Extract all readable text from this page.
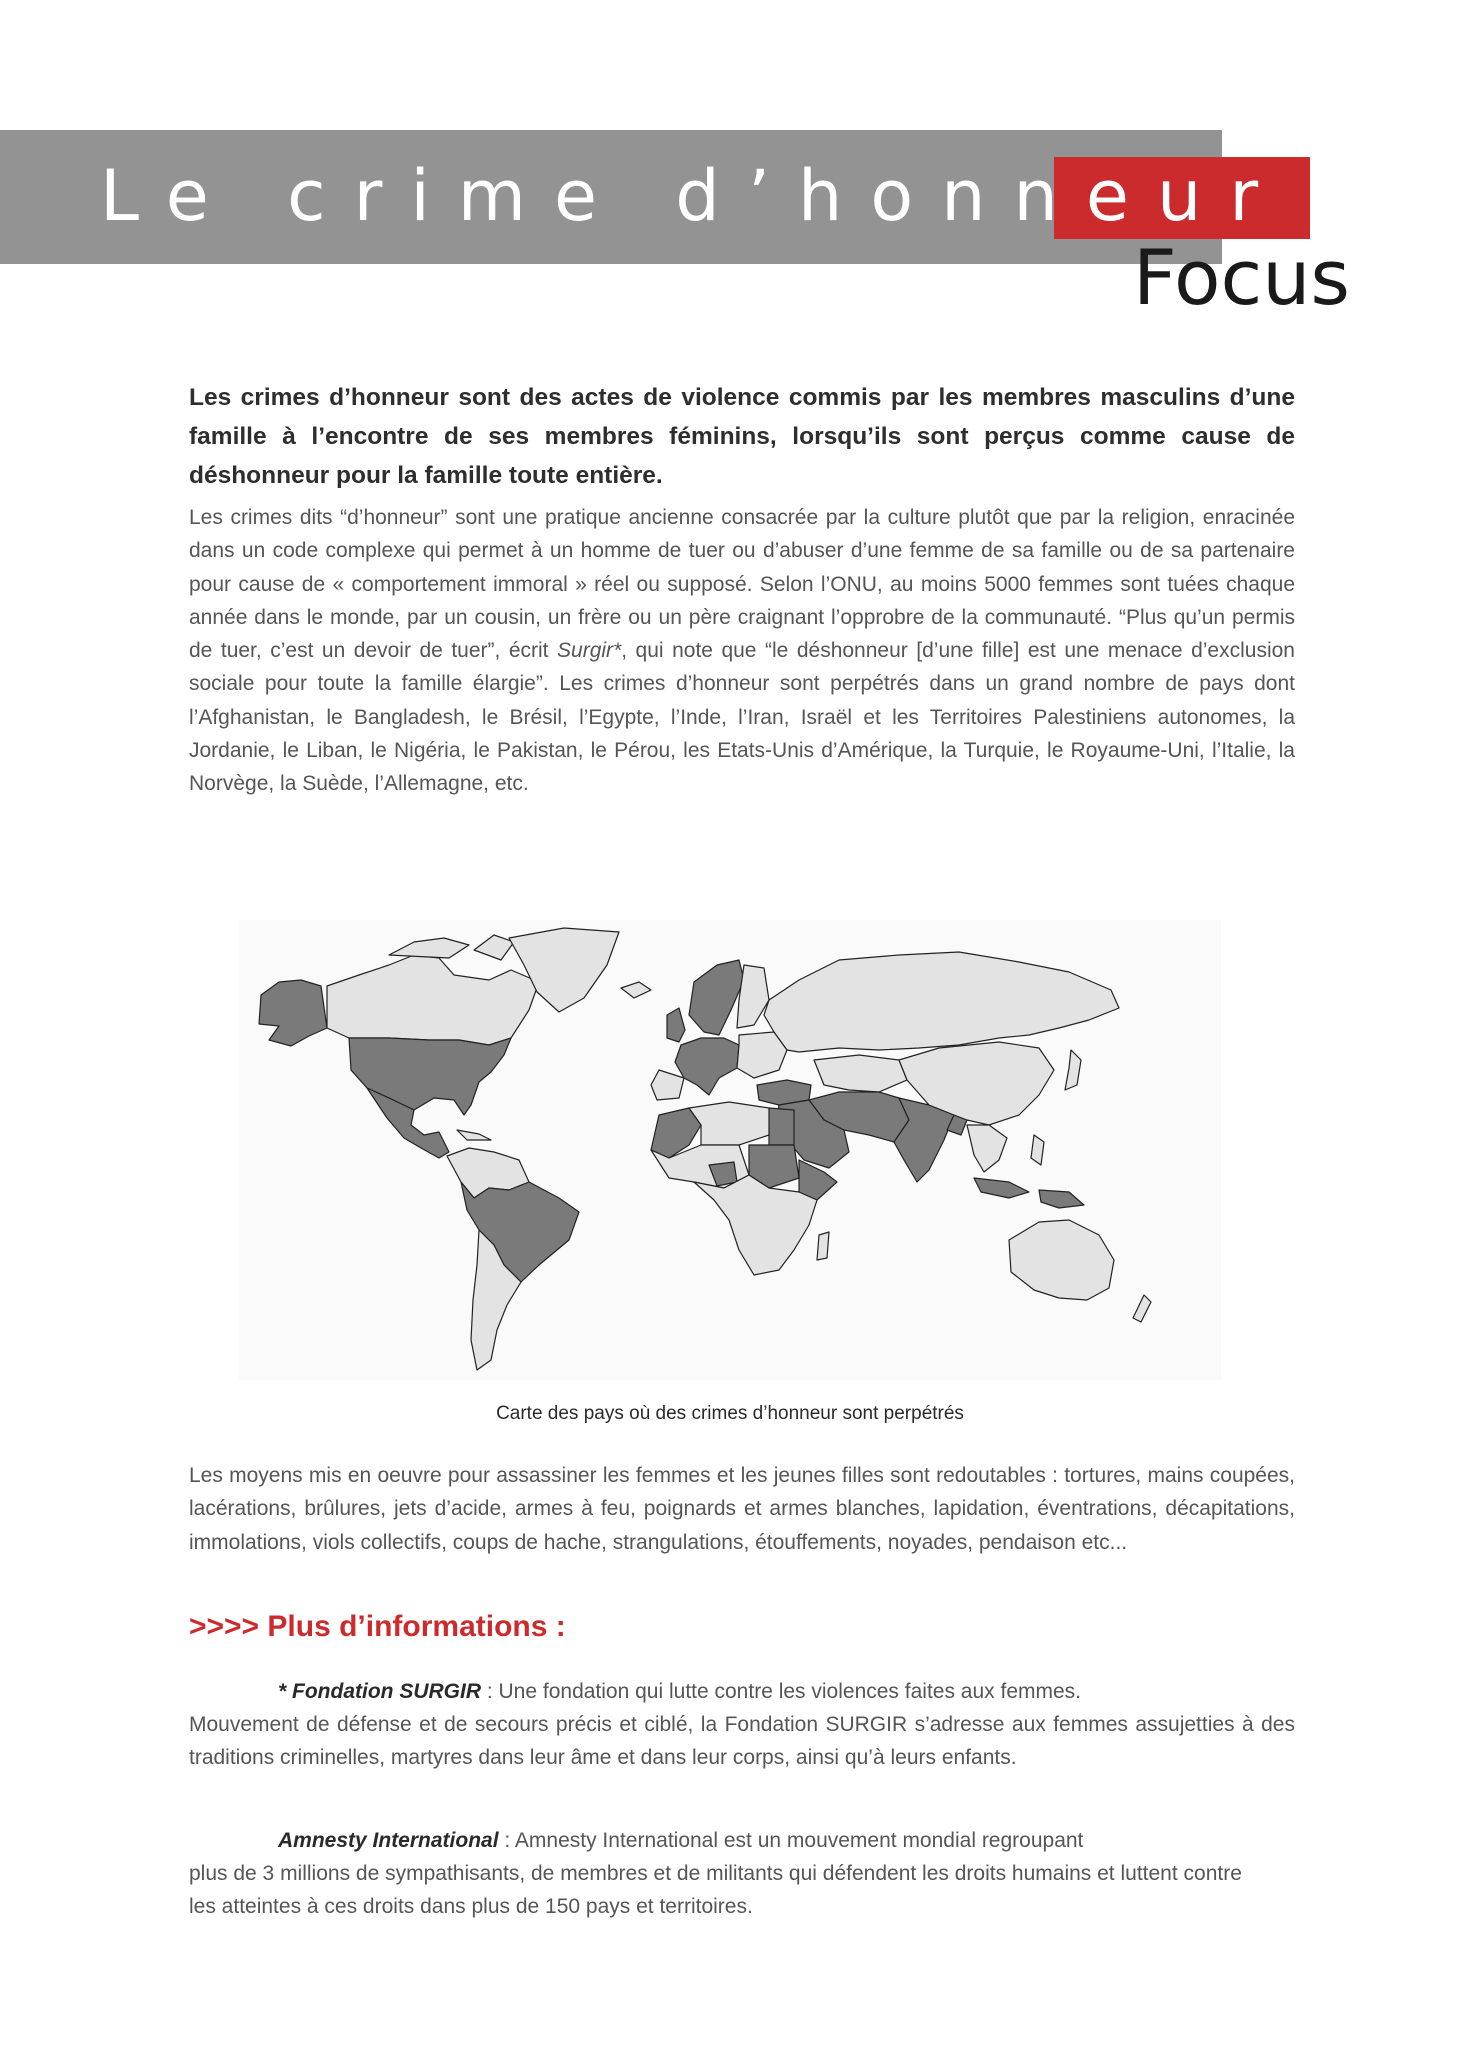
Le crime d’honneur
Focus

Les crimes d’honneur sont des actes de violence commis par les membres masculins d’une famille à l’encontre de ses membres féminins, lorsqu’ils sont perçus comme cause de déshonneur pour la famille toute entière.

Les crimes dits “d’honneur” sont une pratique ancienne consacrée par la culture plutôt que par la religion, enracinée dans un code complexe qui permet à un homme de tuer ou d’abuser d’une femme de sa famille ou de sa partenaire pour cause de « comportement immoral » réel ou supposé. Selon l’ONU, au moins 5000 femmes sont tuées chaque année dans le monde, par un cousin, un frère ou un père craignant l’opprobre de la communauté. “Plus qu’un permis de tuer, c’est un devoir de tuer”, écrit Surgir*, qui note que “le déshonneur [d’une fille] est une menace d’exclusion sociale pour toute la famille élargie”. Les crimes d’honneur sont perpétrés dans un grand nombre de pays dont l’Afghanistan, le Bangladesh, le Brésil, l’Egypte, l’Inde, l’Iran, Israël et les Territoires Palestiniens autonomes, la Jordanie, le Liban, le Nigéria, le Pakistan, le Pérou, les Etats-Unis d’Amérique, la Turquie, le Royaume-Uni, l’Italie, la Norvège, la Suède, l’Allemagne, etc.

Carte des pays où des crimes d’honneur sont perpétrés

Les moyens mis en oeuvre pour assassiner les femmes et les jeunes filles sont redoutables : tortures, mains coupées, lacérations, brûlures, jets d’acide, armes à feu, poignards et armes blanches, lapidation, éventrations, décapitations, immolations, viols collectifs, coups de hache, strangulations, étouffements, noyades, pendaison etc...

>>>> Plus d’informations :
* Fondation SURGIR : Une fondation qui lutte contre les violences faites aux femmes.
Mouvement de défense et de secours précis et ciblé, la Fondation SURGIR s’adresse aux femmes assujetties à des traditions criminelles, martyres dans leur âme et dans leur corps, ainsi qu’à leurs enfants.
Amnesty International : Amnesty International est un mouvement mondial regroupant
plus de 3 millions de sympathisants, de membres et de militants qui défendent les droits humains et luttent contre les atteintes à ces droits dans plus de 150 pays et territoires.
